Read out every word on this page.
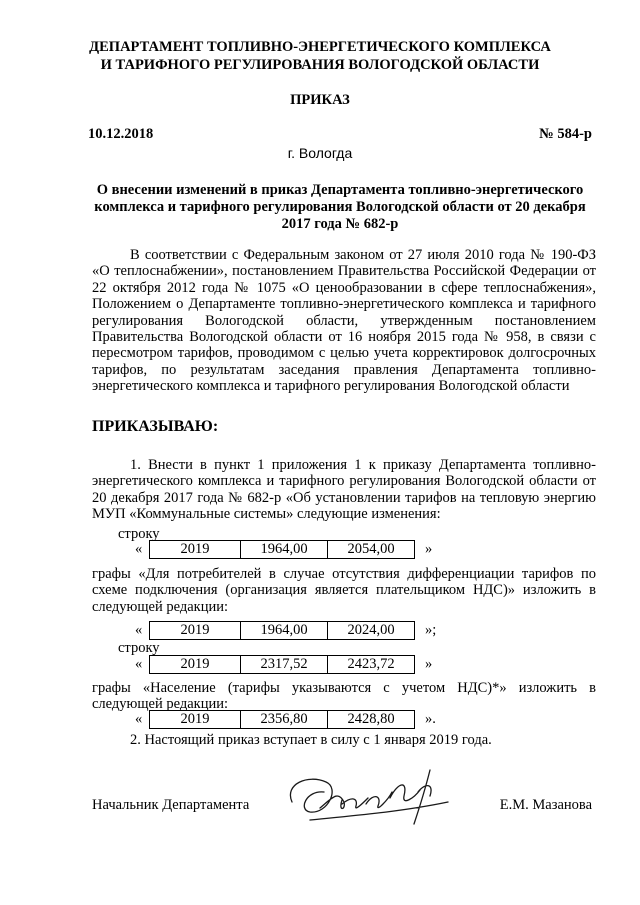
ДЕПАРТАМЕНТ ТОПЛИВНО-ЭНЕРГЕТИЧЕСКОГО КОМПЛЕКСА
И ТАРИФНОГО РЕГУЛИРОВАНИЯ ВОЛОГОДСКОЙ ОБЛАСТИ
ПРИКАЗ
10.12.2018	№ 584-р
г. Вологда
О внесении изменений в приказ Департамента топливно-энергетического комплекса и тарифного регулирования Вологодской области от 20 декабря 2017 года № 682-р
В соответствии с Федеральным законом от 27 июля 2010 года № 190-ФЗ «О теплоснабжении», постановлением Правительства Российской Федерации от 22 октября 2012 года № 1075 «О ценообразовании в сфере теплоснабжения», Положением о Департаменте топливно-энергетического комплекса и тарифного регулирования Вологодской области, утвержденным постановлением Правительства Вологодской области от 16 ноября 2015 года № 958, в связи с пересмотром тарифов, проводимом с целью учета корректировок долгосрочных тарифов, по результатам заседания правления Департамента топливно-энергетического комплекса и тарифного регулирования Вологодской области
ПРИКАЗЫВАЮ:
1. Внести в пункт 1 приложения 1 к приказу Департамента топливно-энергетического комплекса и тарифного регулирования Вологодской области от 20 декабря 2017 года № 682-р «Об установлении тарифов на тепловую энергию МУП «Коммунальные системы» следующие изменения:
строку
«	2019	1964,00	2054,00	»
графы «Для потребителей в случае отсутствия дифференциации тарифов по схеме подключения (организация является плательщиком НДС)» изложить в следующей редакции:
«	2019	1964,00	2024,00	»;
строку
«	2019	2317,52	2423,72	»
графы «Население (тарифы указываются с учетом НДС)*» изложить в следующей редакции:
«	2019	2356,80	2428,80	».
2. Настоящий приказ вступает в силу с 1 января 2019 года.
Начальник Департамента	Е.М. Мазанова
